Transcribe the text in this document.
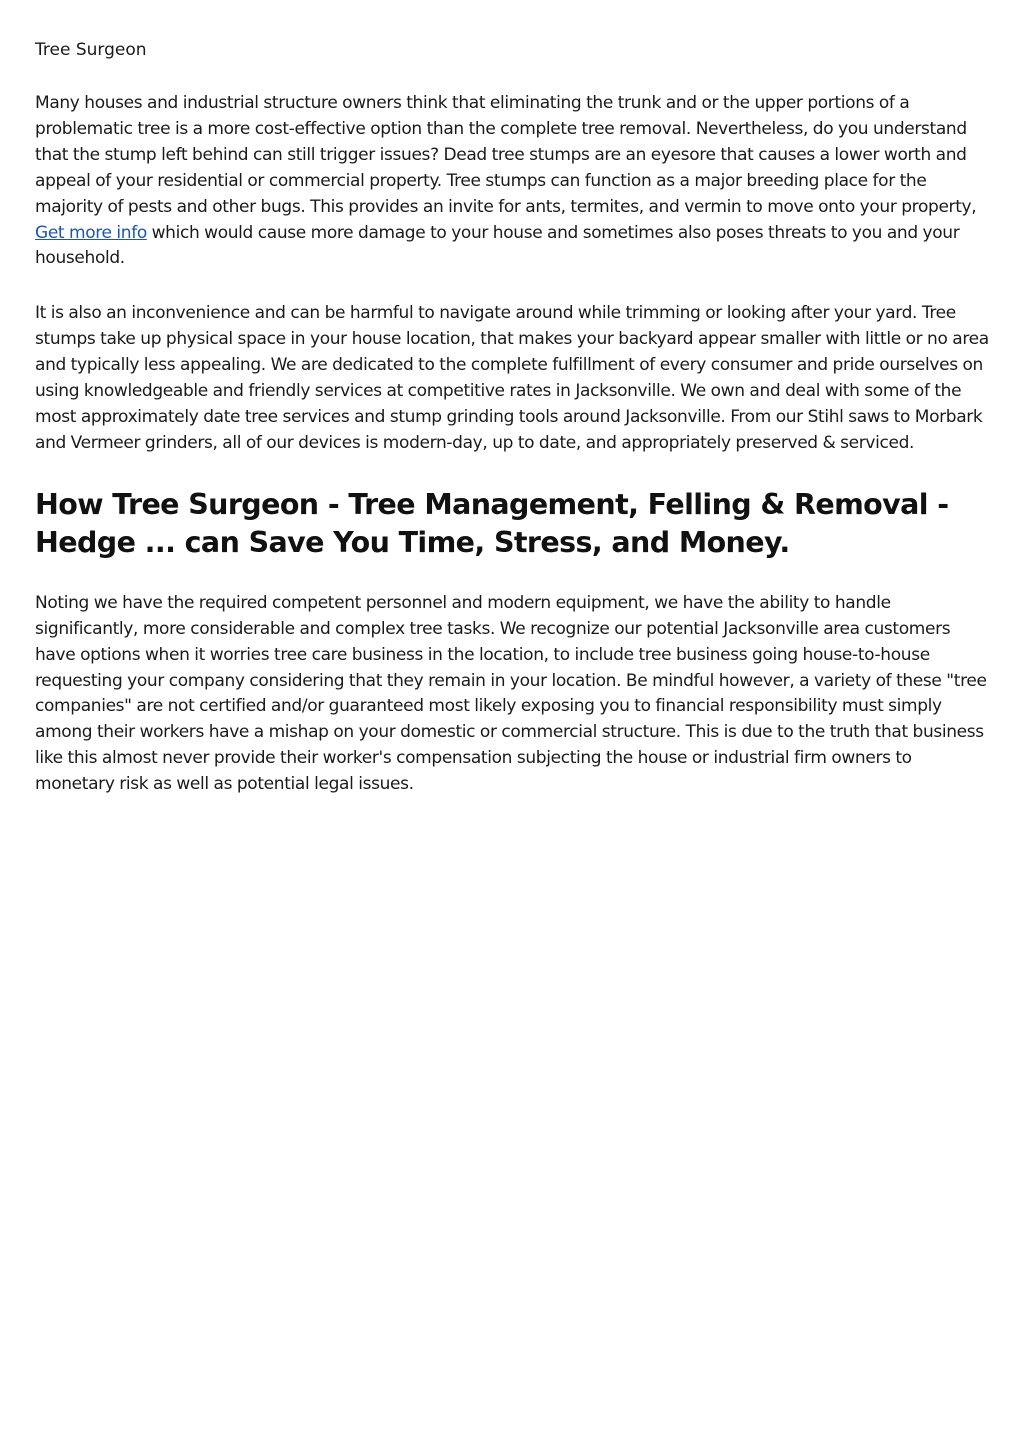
Tree Surgeon

Many houses and industrial structure owners think that eliminating the trunk and or the upper portions of a problematic tree is a more cost-effective option than the complete tree removal. Nevertheless, do you understand that the stump left behind can still trigger issues? Dead tree stumps are an eyesore that causes a lower worth and appeal of your residential or commercial property. Tree stumps can function as a major breeding place for the majority of pests and other bugs. This provides an invite for ants, termites, and vermin to move onto your property, Get more info which would cause more damage to your house and sometimes also poses threats to you and your household.

It is also an inconvenience and can be harmful to navigate around while trimming or looking after your yard. Tree stumps take up physical space in your house location, that makes your backyard appear smaller with little or no area and typically less appealing. We are dedicated to the complete fulfillment of every consumer and pride ourselves on using knowledgeable and friendly services at competitive rates in Jacksonville. We own and deal with some of the most approximately date tree services and stump grinding tools around Jacksonville. From our Stihl saws to Morbark and Vermeer grinders, all of our devices is modern-day, up to date, and appropriately preserved & serviced.

How Tree Surgeon - Tree Management, Felling & Removal - Hedge ... can Save You Time, Stress, and Money.

Noting we have the required competent personnel and modern equipment, we have the ability to handle significantly, more considerable and complex tree tasks. We recognize our potential Jacksonville area customers have options when it worries tree care business in the location, to include tree business going house-to-house requesting your company considering that they remain in your location. Be mindful however, a variety of these "tree companies" are not certified and/or guaranteed most likely exposing you to financial responsibility must simply among their workers have a mishap on your domestic or commercial structure. This is due to the truth that business like this almost never provide their worker's compensation subjecting the house or industrial firm owners to monetary risk as well as potential legal issues.
